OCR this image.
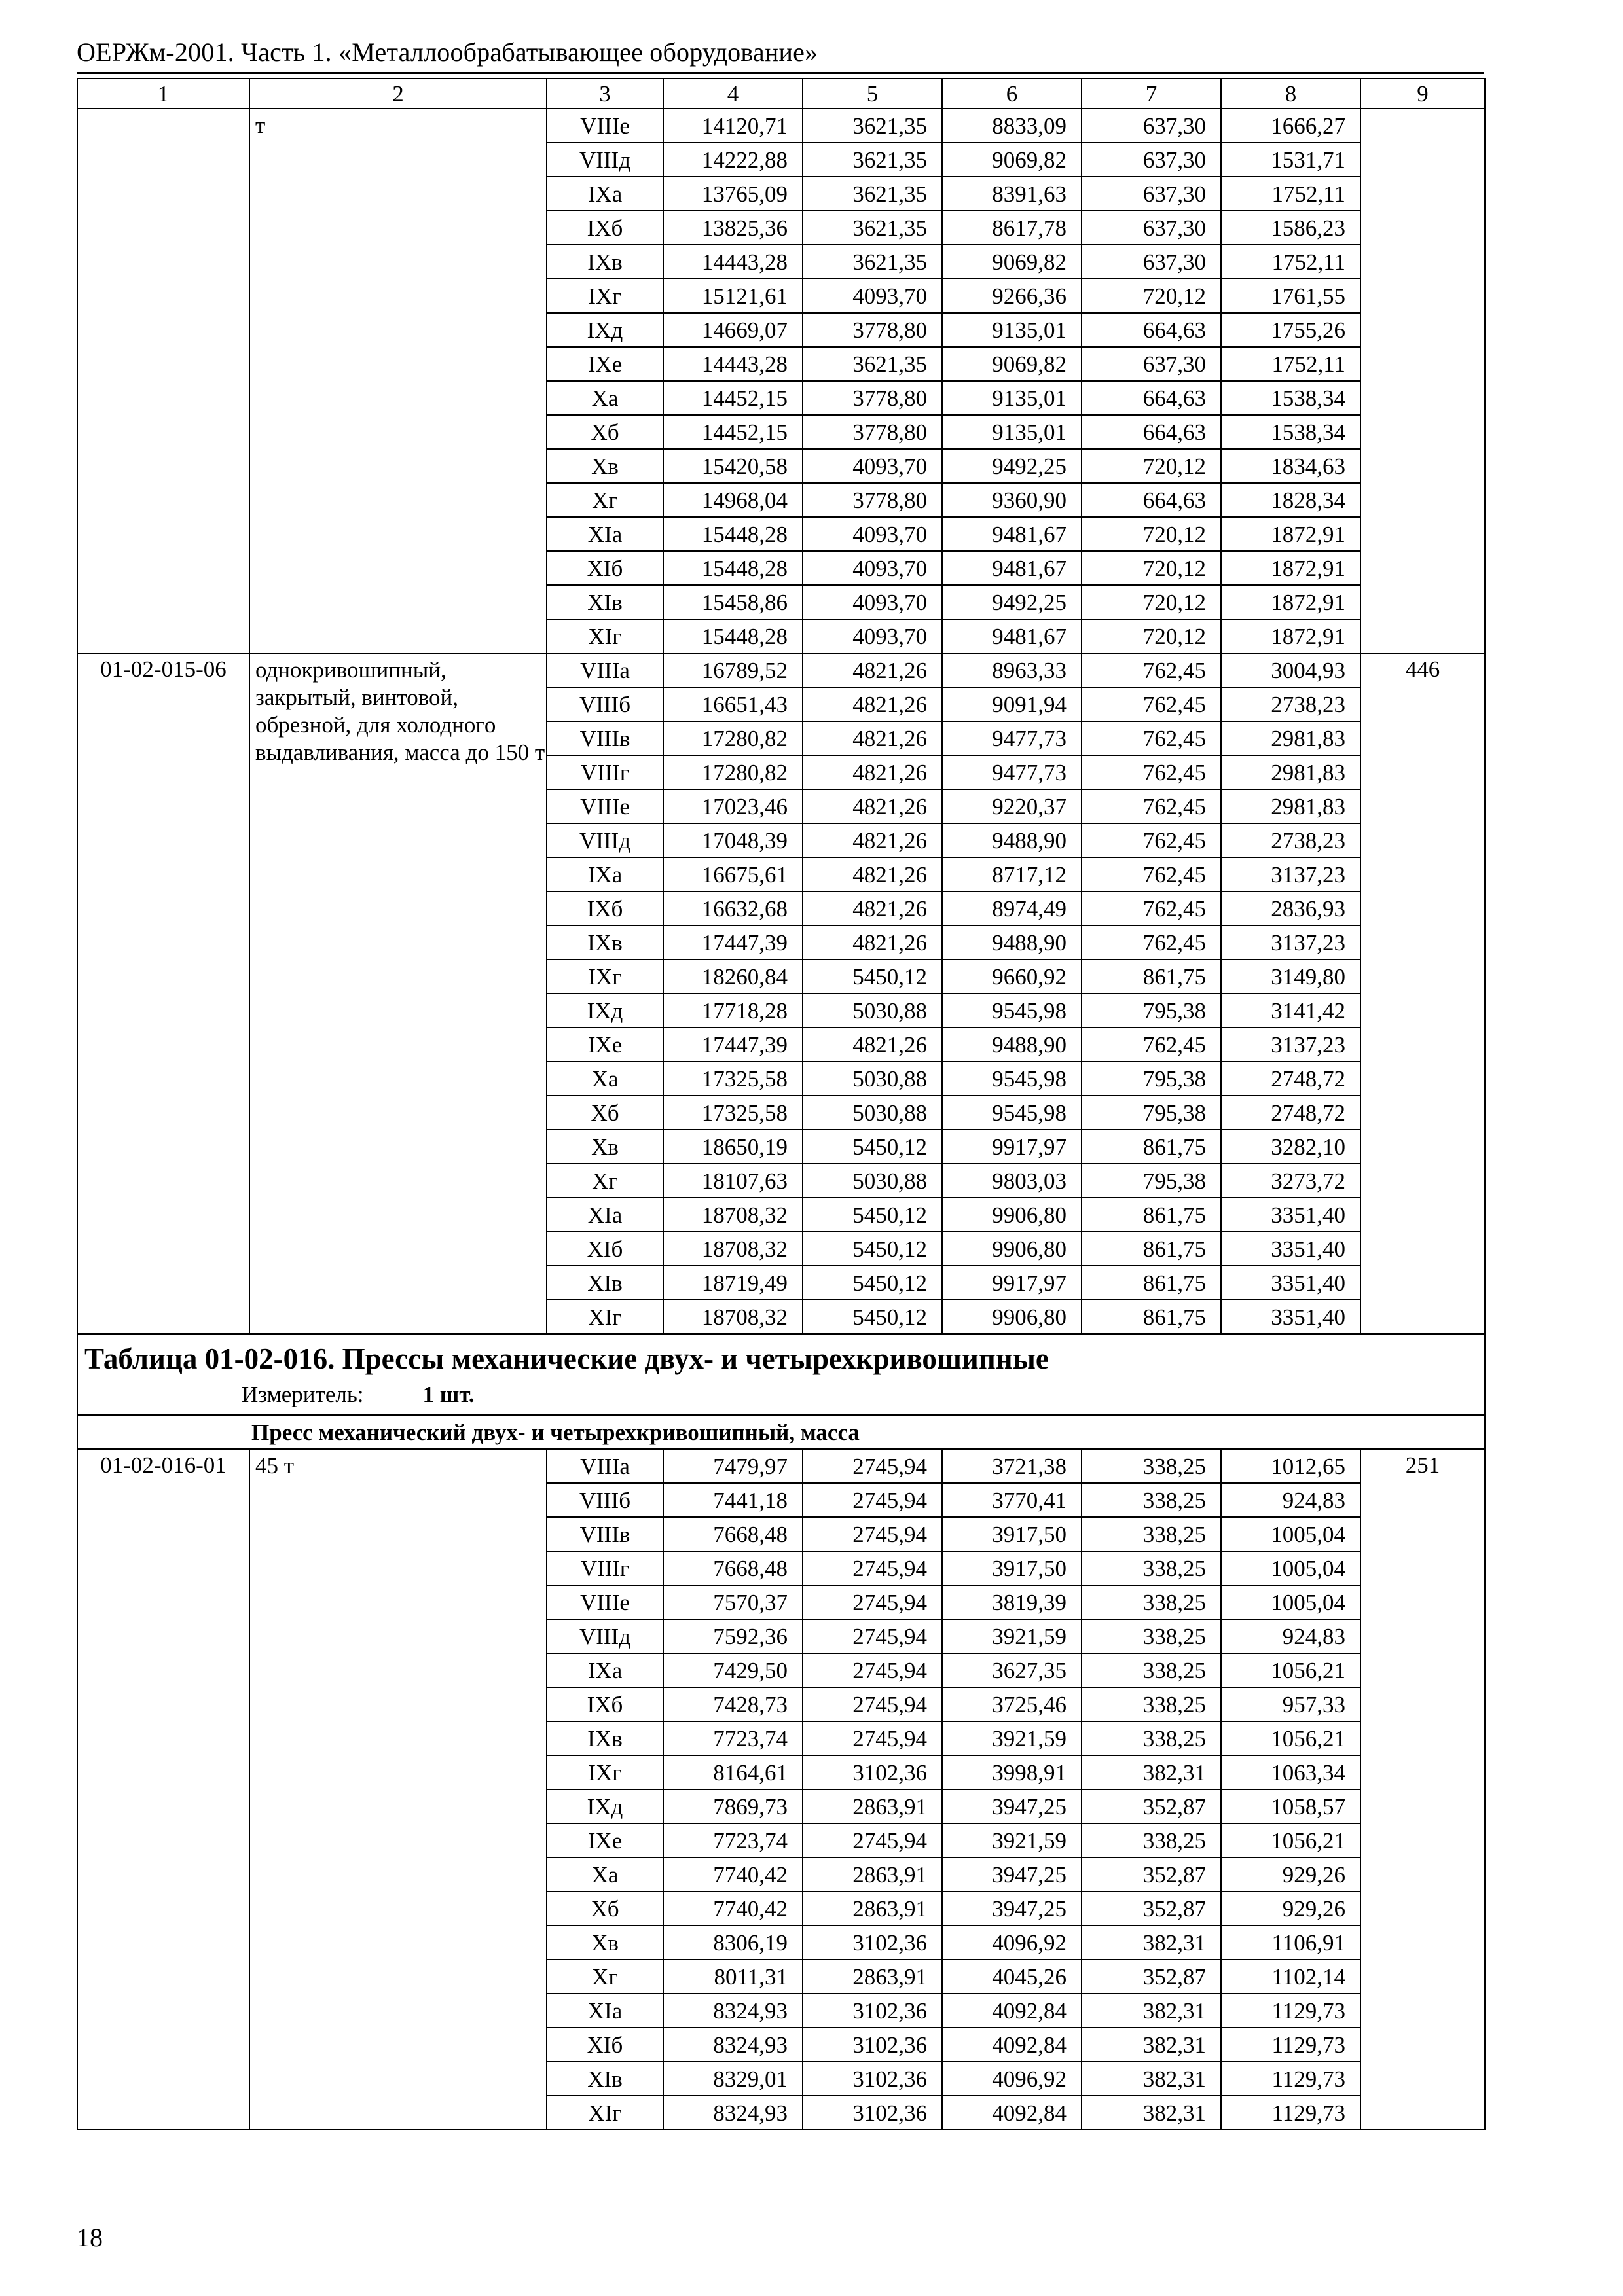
ОЕРЖм-2001. Часть 1. «Металлообрабатывающее оборудование»
1	2	3	4	5	6	7	8	9
	т	VIIIе	14120,71	3621,35	8833,09	637,30	1666,27	
		VIIIд	14222,88	3621,35	9069,82	637,30	1531,71	
		IXа	13765,09	3621,35	8391,63	637,30	1752,11	
		IXб	13825,36	3621,35	8617,78	637,30	1586,23	
		IXв	14443,28	3621,35	9069,82	637,30	1752,11	
		IXг	15121,61	4093,70	9266,36	720,12	1761,55	
		IXд	14669,07	3778,80	9135,01	664,63	1755,26	
		IXе	14443,28	3621,35	9069,82	637,30	1752,11	
		Xа	14452,15	3778,80	9135,01	664,63	1538,34	
		Xб	14452,15	3778,80	9135,01	664,63	1538,34	
		Xв	15420,58	4093,70	9492,25	720,12	1834,63	
		Xг	14968,04	3778,80	9360,90	664,63	1828,34	
		XIа	15448,28	4093,70	9481,67	720,12	1872,91	
		XIб	15448,28	4093,70	9481,67	720,12	1872,91	
		XIв	15458,86	4093,70	9492,25	720,12	1872,91	
		XIг	15448,28	4093,70	9481,67	720,12	1872,91	
01-02-015-06	однокривошипный, закрытый, винтовой, обрезной, для холодного выдавливания, масса до 150 т	VIIIа	16789,52	4821,26	8963,33	762,45	3004,93	446
		VIIIб	16651,43	4821,26	9091,94	762,45	2738,23	
		VIIIв	17280,82	4821,26	9477,73	762,45	2981,83	
		VIIIг	17280,82	4821,26	9477,73	762,45	2981,83	
		VIIIе	17023,46	4821,26	9220,37	762,45	2981,83	
		VIIIд	17048,39	4821,26	9488,90	762,45	2738,23	
		IXа	16675,61	4821,26	8717,12	762,45	3137,23	
		IXб	16632,68	4821,26	8974,49	762,45	2836,93	
		IXв	17447,39	4821,26	9488,90	762,45	3137,23	
		IXг	18260,84	5450,12	9660,92	861,75	3149,80	
		IXд	17718,28	5030,88	9545,98	795,38	3141,42	
		IXе	17447,39	4821,26	9488,90	762,45	3137,23	
		Xа	17325,58	5030,88	9545,98	795,38	2748,72	
		Xб	17325,58	5030,88	9545,98	795,38	2748,72	
		Xв	18650,19	5450,12	9917,97	861,75	3282,10	
		Xг	18107,63	5030,88	9803,03	795,38	3273,72	
		XIа	18708,32	5450,12	9906,80	861,75	3351,40	
		XIб	18708,32	5450,12	9906,80	861,75	3351,40	
		XIв	18719,49	5450,12	9917,97	861,75	3351,40	
		XIг	18708,32	5450,12	9906,80	861,75	3351,40	

Таблица 01-02-016. Прессы механические двух- и четырехкривошипные
Измеритель: 1 шт.								

Пресс механический двух- и четырехкривошипный, масса								
01-02-016-01	45 т	VIIIа	7479,97	2745,94	3721,38	338,25	1012,65	251
		VIIIб	7441,18	2745,94	3770,41	338,25	924,83	
		VIIIв	7668,48	2745,94	3917,50	338,25	1005,04	
		VIIIг	7668,48	2745,94	3917,50	338,25	1005,04	
		VIIIе	7570,37	2745,94	3819,39	338,25	1005,04	
		VIIIд	7592,36	2745,94	3921,59	338,25	924,83	
		IXа	7429,50	2745,94	3627,35	338,25	1056,21	
		IXб	7428,73	2745,94	3725,46	338,25	957,33	
		IXв	7723,74	2745,94	3921,59	338,25	1056,21	
		IXг	8164,61	3102,36	3998,91	382,31	1063,34	
		IXд	7869,73	2863,91	3947,25	352,87	1058,57	
		IXе	7723,74	2745,94	3921,59	338,25	1056,21	
		Xа	7740,42	2863,91	3947,25	352,87	929,26	
		Xб	7740,42	2863,91	3947,25	352,87	929,26	
		Xв	8306,19	3102,36	4096,92	382,31	1106,91	
		Xг	8011,31	2863,91	4045,26	352,87	1102,14	
		XIа	8324,93	3102,36	4092,84	382,31	1129,73	
		XIб	8324,93	3102,36	4092,84	382,31	1129,73	
		XIв	8329,01	3102,36	4096,92	382,31	1129,73	
		XIг	8324,93	3102,36	4092,84	382,31	1129,73	
18
